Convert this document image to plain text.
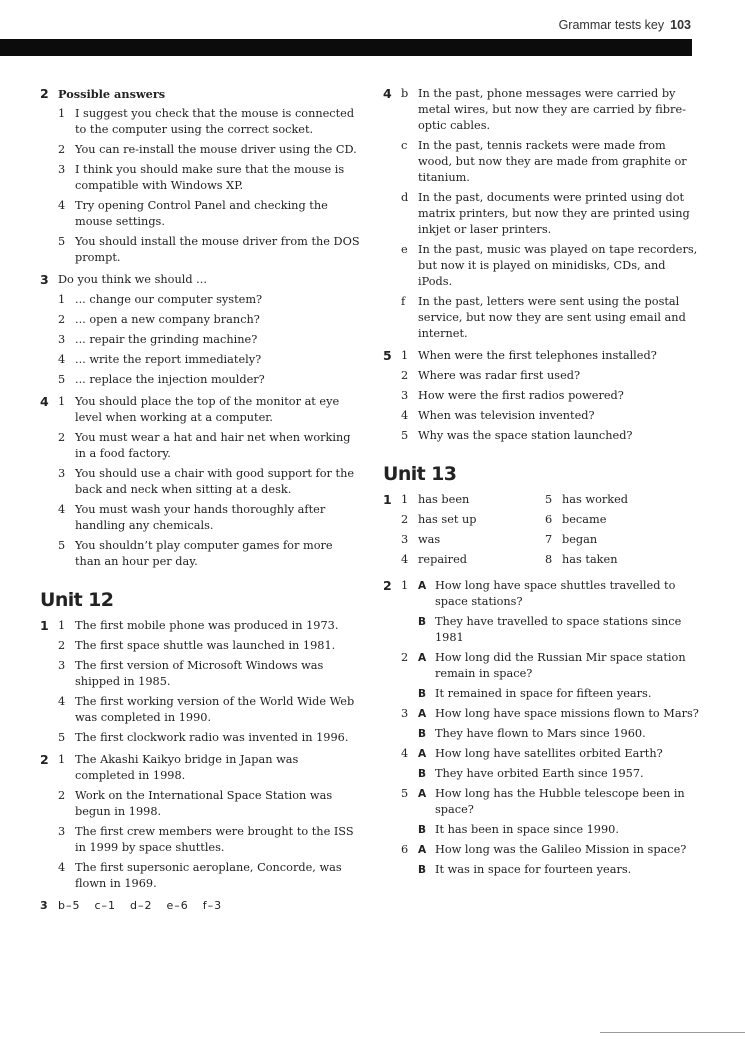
Grammar tests key 103
2 Possible answers
1 I suggest you check that the mouse is connected to the computer using the correct socket.
2 You can re-install the mouse driver using the CD.
3 I think you should make sure that the mouse is compatible with Windows XP.
4 Try opening Control Panel and checking the mouse settings.
5 You should install the mouse driver from the DOS prompt.
3 Do you think we should ...
1 ... change our computer system?
2 ... open a new company branch?
3 ... repair the grinding machine?
4 ... write the report immediately?
5 ... replace the injection moulder?
4 1 You should place the top of the monitor at eye level when working at a computer.
2 You must wear a hat and hair net when working in a food factory.
3 You should use a chair with good support for the back and neck when sitting at a desk.
4 You must wash your hands thoroughly after handling any chemicals.
5 You shouldn’t play computer games for more than an hour per day.
Unit 12
1 1 The first mobile phone was produced in 1973.
2 The first space shuttle was launched in 1981.
3 The first version of Microsoft Windows was shipped in 1985.
4 The first working version of the World Wide Web was completed in 1990.
5 The first clockwork radio was invented in 1996.
2 1 The Akashi Kaikyo bridge in Japan was completed in 1998.
2 Work on the International Space Station was begun in 1998.
3 The first crew members were brought to the ISS in 1999 by space shuttles.
4 The first supersonic aeroplane, Concorde, was flown in 1969.
3 b–5 c–1 d–2 e–6 f–3
4 b In the past, phone messages were carried by metal wires, but now they are carried by fibre-optic cables.
c In the past, tennis rackets were made from wood, but now they are made from graphite or titanium.
d In the past, documents were printed using dot matrix printers, but now they are printed using inkjet or laser printers.
e In the past, music was played on tape recorders, but now it is played on minidisks, CDs, and iPods.
f In the past, letters were sent using the postal service, but now they are sent using email and internet.
5 1 When were the first telephones installed?
2 Where was radar first used?
3 How were the first radios powered?
4 When was television invented?
5 Why was the space station launched?
Unit 13
1 1 has been
2 has set up
3 was
4 repaired
5 has worked
6 became
7 began
8 has taken
2 1 A How long have space shuttles travelled to space stations?
B They have travelled to space stations since 1981
2 A How long did the Russian Mir space station remain in space?
B It remained in space for fifteen years.
3 A How long have space missions flown to Mars?
B They have flown to Mars since 1960.
4 A How long have satellites orbited Earth?
B They have orbited Earth since 1957.
5 A How long has the Hubble telescope been in space?
B It has been in space since 1990.
6 A How long was the Galileo Mission in space?
B It was in space for fourteen years.
